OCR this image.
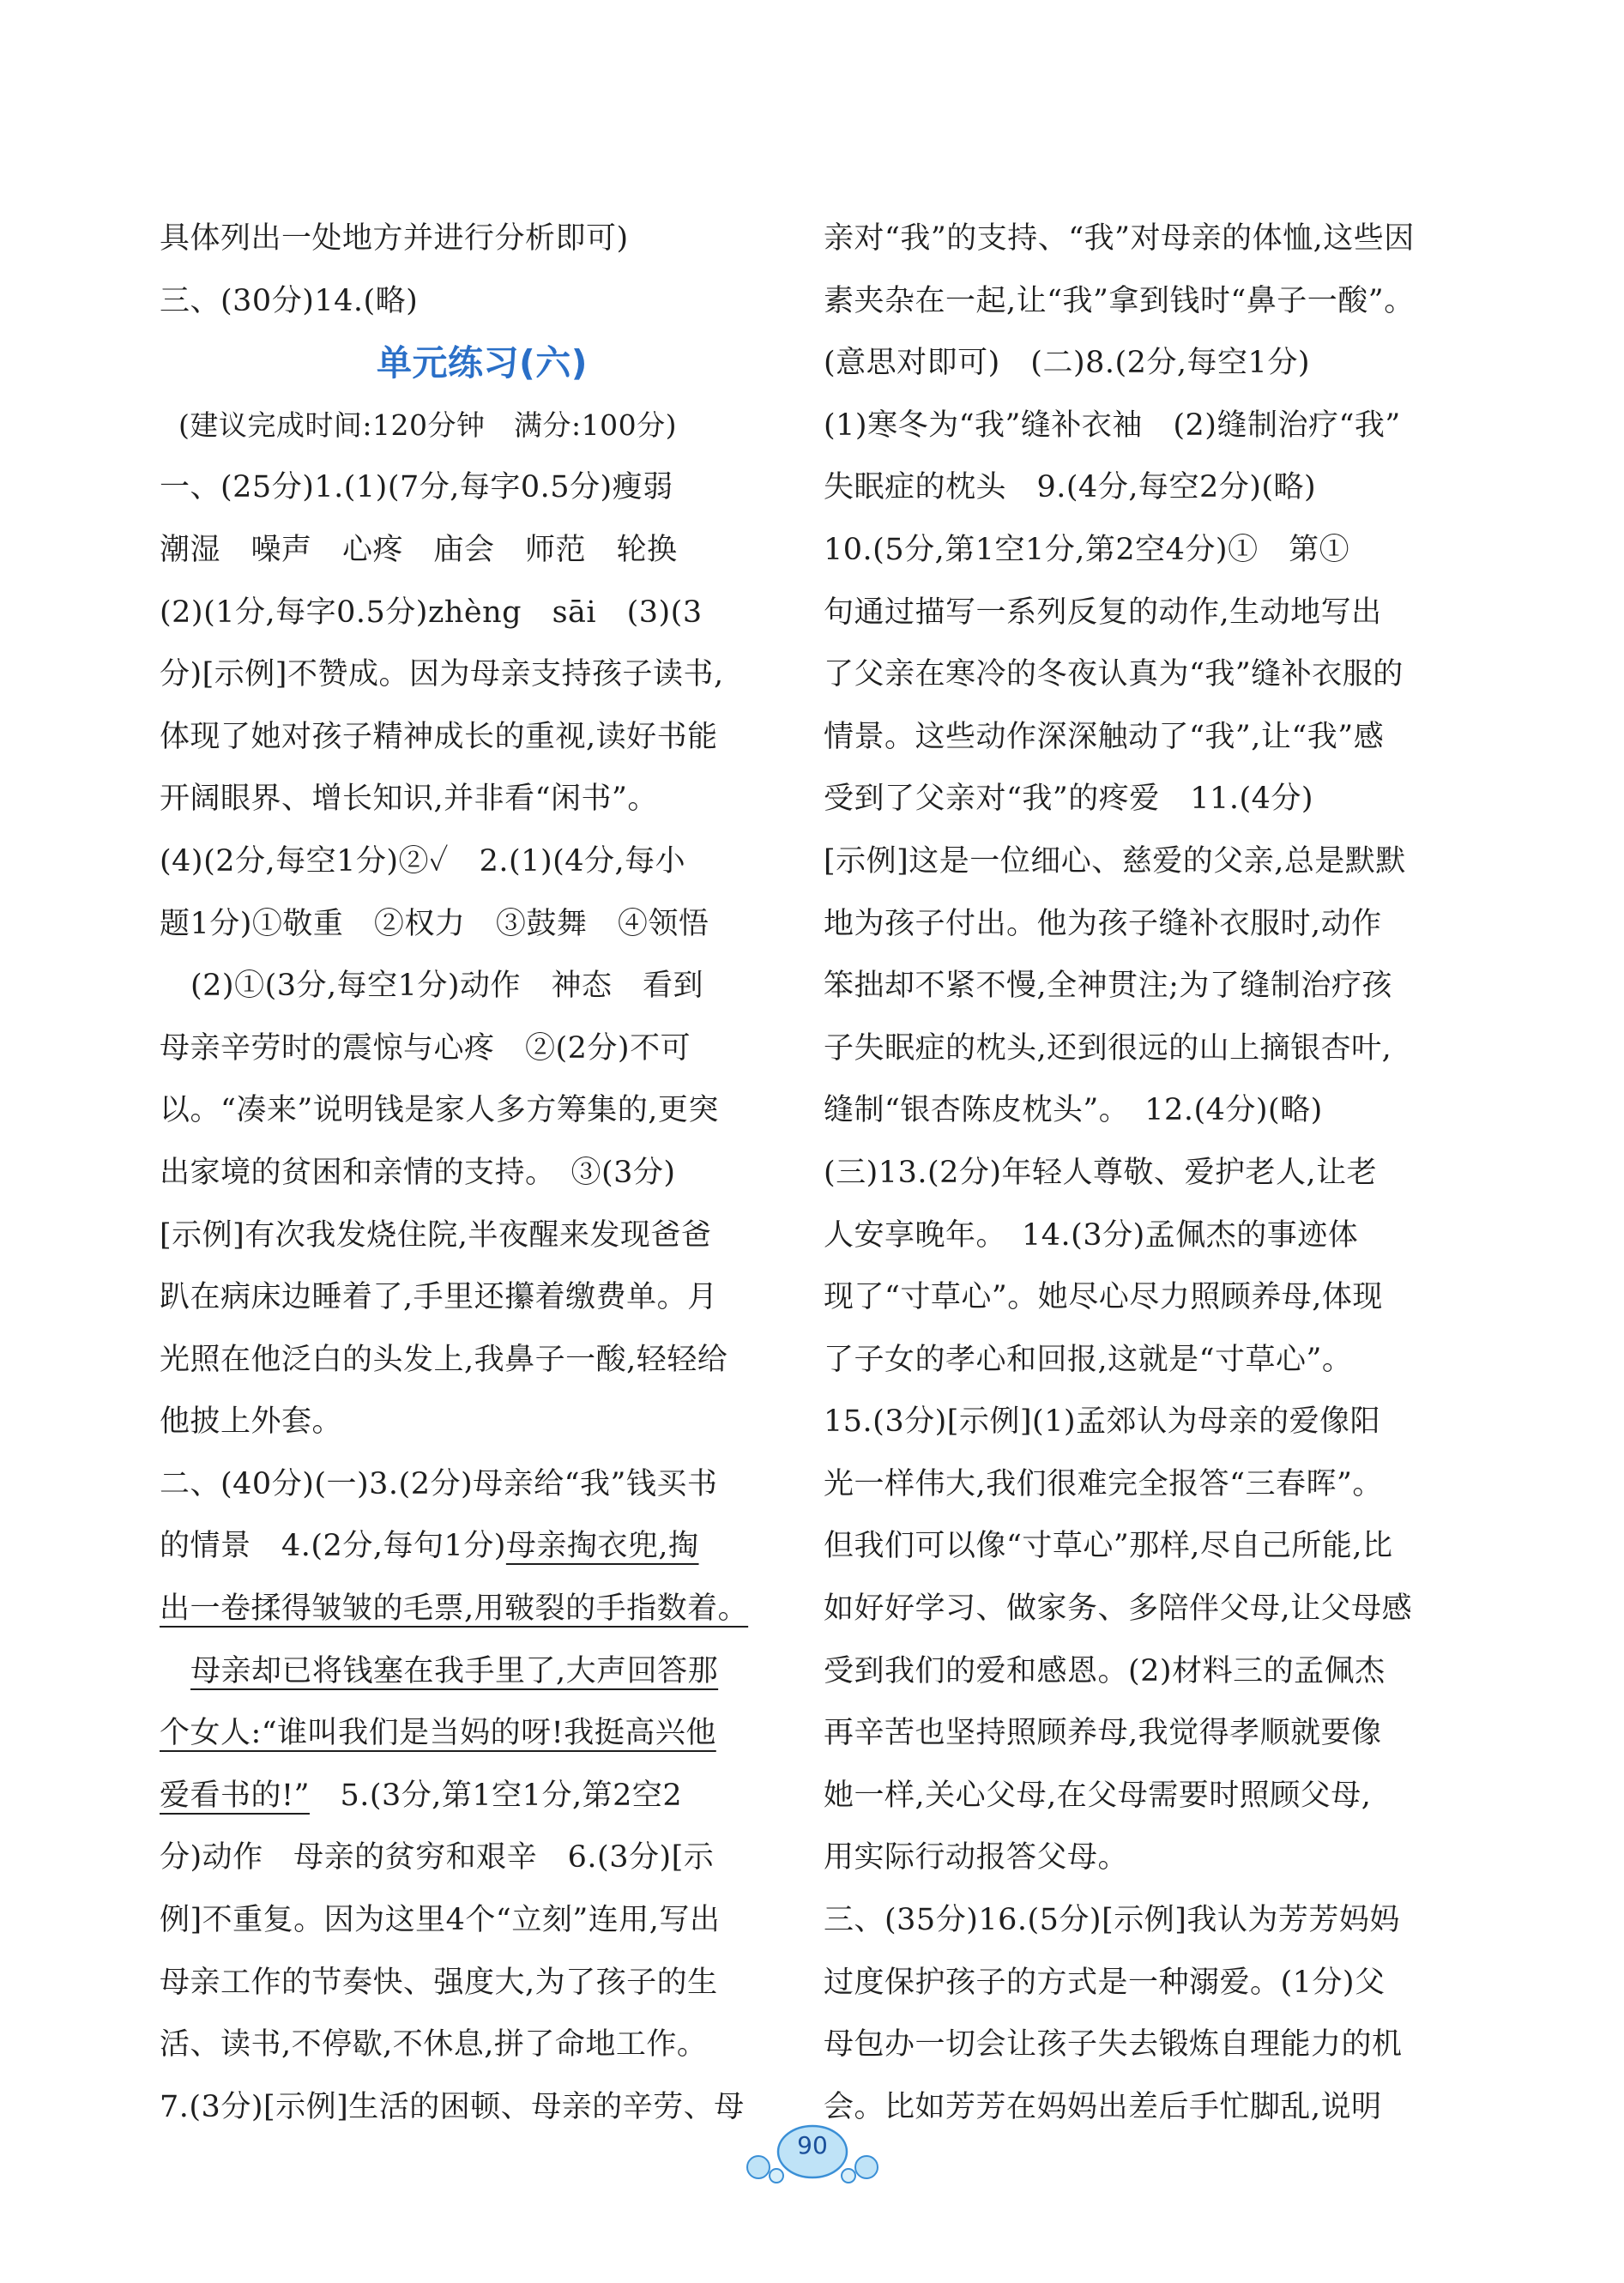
具体列出一处地方并进行分析即可)
三、(30分)14.(略)
单元练习(六)
(建议完成时间:120分钟　满分:100分)
一、(25分)1.(1)(7分,每字0.5分)瘦弱
潮湿　噪声　心疼　庙会　师范　轮换
(2)(1分,每字0.5分)zhèng　sāi　(3)(3
分)[示例]不赞成。因为母亲支持孩子读书,
体现了她对孩子精神成长的重视,读好书能
开阔眼界、增长知识,并非看“闲书”。
(4)(2分,每空1分)②✓　2.(1)(4分,每小
题1分)①敬重　②权力　③鼓舞　④领悟
(2)①(3分,每空1分)动作　神态　看到
母亲辛劳时的震惊与心疼　②(2分)不可
以。“凑来”说明钱是家人多方筹集的,更突
出家境的贫困和亲情的支持。　③(3分)
[示例]有次我发烧住院,半夜醒来发现爸爸
趴在病床边睡着了,手里还攥着缴费单。月
光照在他泛白的头发上,我鼻子一酸,轻轻给
他披上外套。
二、(40分)(一)3.(2分)母亲给“我”钱买书
的情景　4.(2分,每句1分)母亲掏衣兜,掏
出一卷揉得皱皱的毛票,用皲裂的手指数着。
母亲却已将钱塞在我手里了,大声回答那
个女人:“谁叫我们是当妈的呀!我挺高兴他
爱看书的!”　5.(3分,第1空1分,第2空2
分)动作　母亲的贫穷和艰辛　6.(3分)[示
例]不重复。因为这里4个“立刻”连用,写出
母亲工作的节奏快、强度大,为了孩子的生
活、读书,不停歇,不休息,拼了命地工作。
7.(3分)[示例]生活的困顿、母亲的辛劳、母
亲对“我”的支持、“我”对母亲的体恤,这些因
素夹杂在一起,让“我”拿到钱时“鼻子一酸”。
(意思对即可)　(二)8.(2分,每空1分)
(1)寒冬为“我”缝补衣袖　(2)缝制治疗“我”
失眠症的枕头　9.(4分,每空2分)(略)
10.(5分,第1空1分,第2空4分)①　第①
句通过描写一系列反复的动作,生动地写出
了父亲在寒冷的冬夜认真为“我”缝补衣服的
情景。这些动作深深触动了“我”,让“我”感
受到了父亲对“我”的疼爱　11.(4分)
[示例]这是一位细心、慈爱的父亲,总是默默
地为孩子付出。他为孩子缝补衣服时,动作
笨拙却不紧不慢,全神贯注;为了缝制治疗孩
子失眠症的枕头,还到很远的山上摘银杏叶,
缝制“银杏陈皮枕头”。　12.(4分)(略)
(三)13.(2分)年轻人尊敬、爱护老人,让老
人安享晚年。　14.(3分)孟佩杰的事迹体
现了“寸草心”。她尽心尽力照顾养母,体现
了子女的孝心和回报,这就是“寸草心”。
15.(3分)[示例](1)孟郊认为母亲的爱像阳
光一样伟大,我们很难完全报答“三春晖”。
但我们可以像“寸草心”那样,尽自己所能,比
如好好学习、做家务、多陪伴父母,让父母感
受到我们的爱和感恩。(2)材料三的孟佩杰
再辛苦也坚持照顾养母,我觉得孝顺就要像
她一样,关心父母,在父母需要时照顾父母,
用实际行动报答父母。
三、(35分)16.(5分)[示例]我认为芳芳妈妈
过度保护孩子的方式是一种溺爱。(1分)父
母包办一切会让孩子失去锻炼自理能力的机
会。比如芳芳在妈妈出差后手忙脚乱,说明
90
